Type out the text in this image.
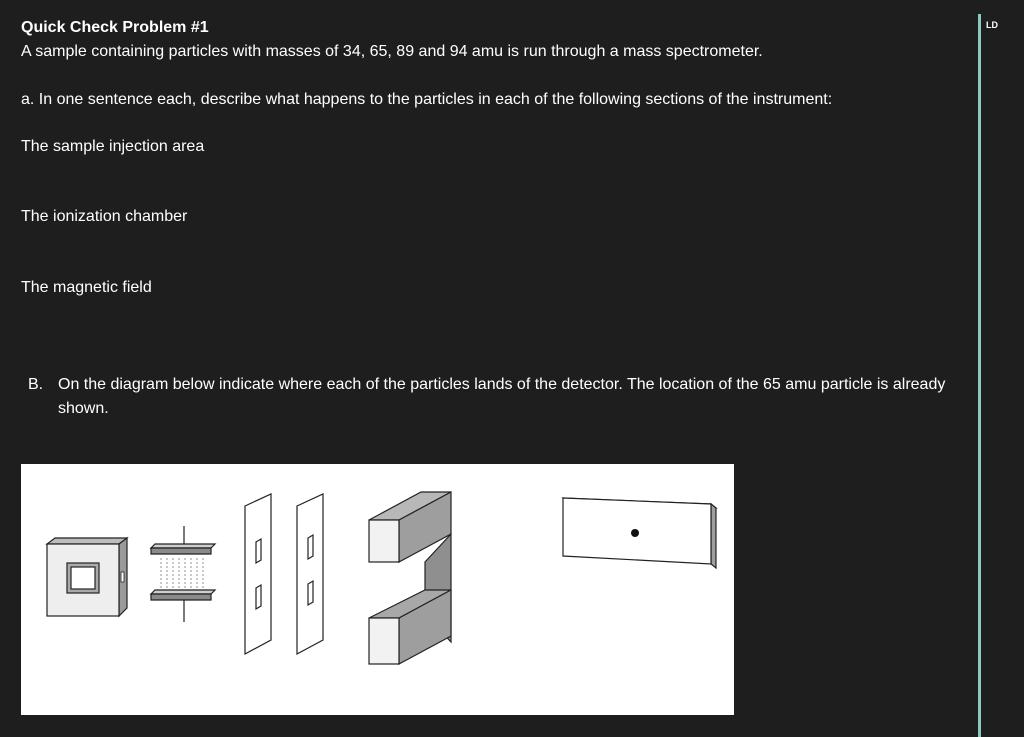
Quick Check Problem #1
A sample containing particles with masses of 34, 65, 89 and 94 amu is run through a mass spectrometer.
a. In one sentence each, describe what happens to the particles in each of the following sections of the instrument:
The sample injection area
The ionization chamber
The magnetic field
B. On the diagram below indicate where each of the particles lands of the detector. The location of the 65 amu particle is already shown.
LD
